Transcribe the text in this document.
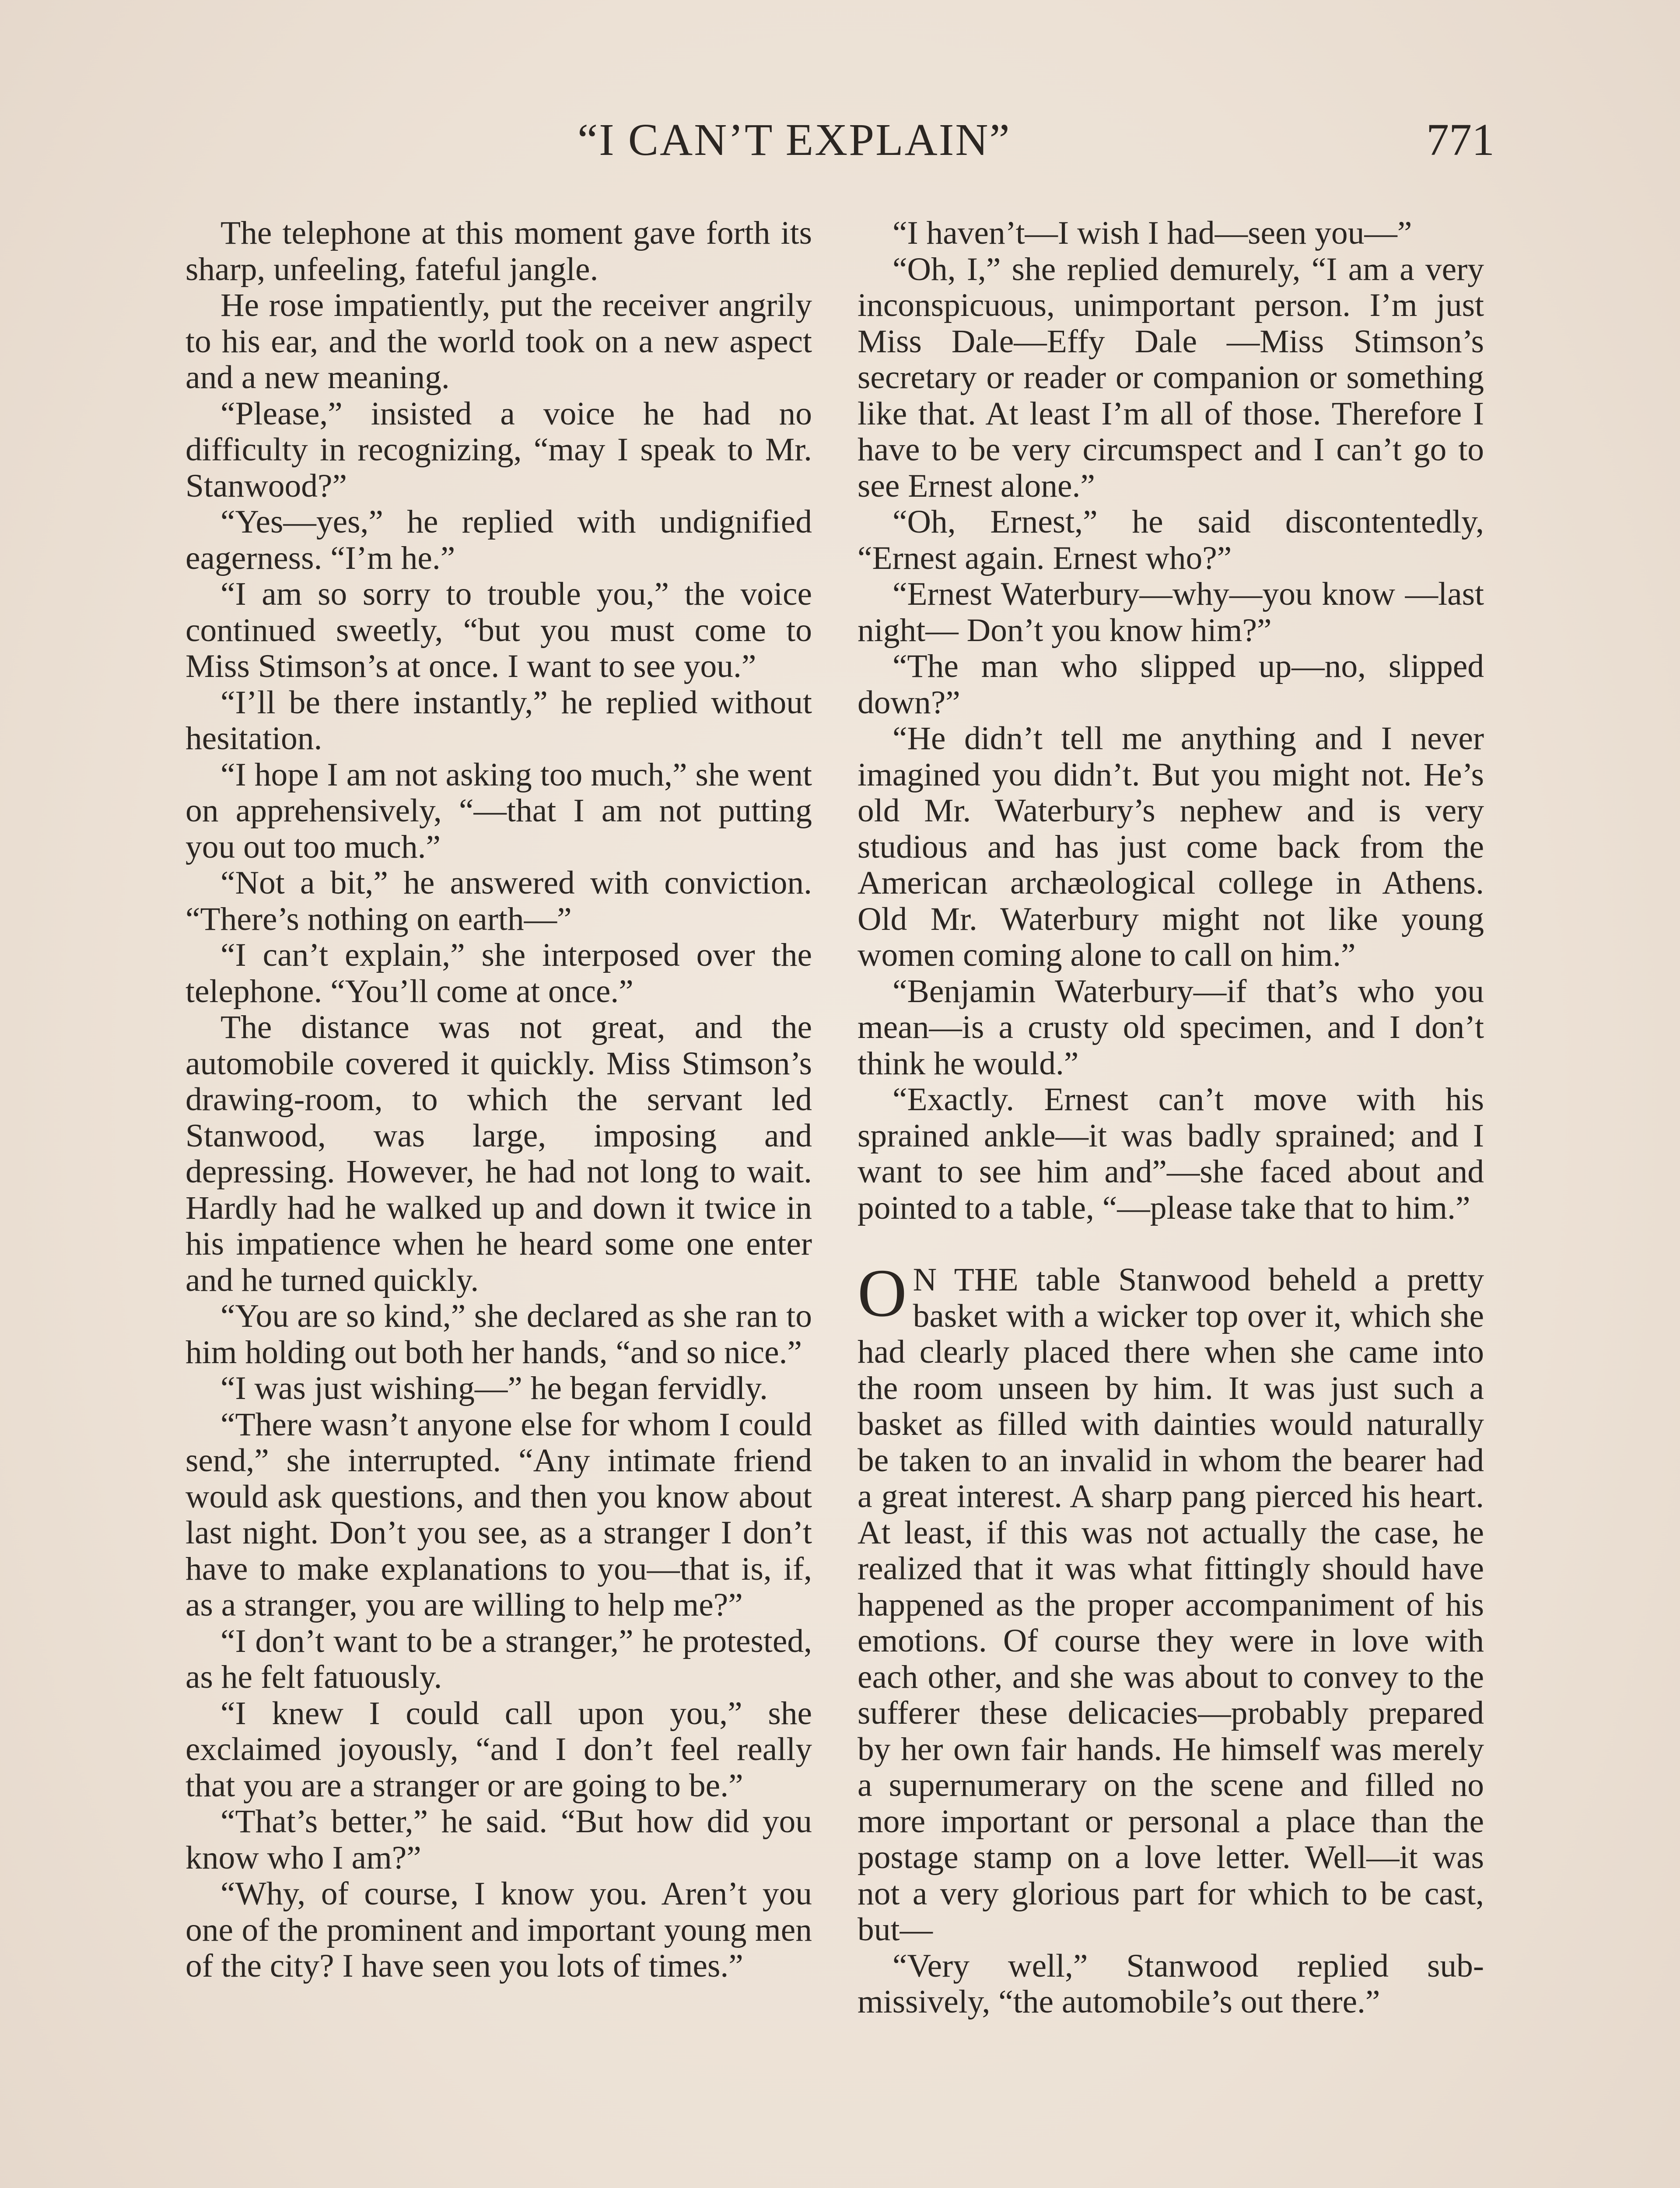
“I CAN’T EXPLAIN”	771

The telephone at this moment gave forth its sharp, unfeeling, fateful jangle.

He rose impatiently, put the receiver angrily to his ear, and the world took on a new aspect and a new meaning.

“Please,” insisted a voice he had no difficulty in recognizing, “may I speak to Mr. Stanwood?”

“Yes—yes,” he replied with undignified eagerness. “I’m he.”

“I am so sorry to trouble you,” the voice continued sweetly, “but you must come to Miss Stimson’s at once. I want to see you.”

“I’ll be there instantly,” he replied without hesitation.

“I hope I am not asking too much,” she went on apprehensively, “—that I am not putting you out too much.”

“Not a bit,” he answered with conviction. “There’s nothing on earth—”

“I can’t explain,” she interposed over the telephone. “You’ll come at once.”

The distance was not great, and the automobile covered it quickly. Miss Stimson’s drawing-room, to which the servant led Stanwood, was large, imposing and depressing. However, he had not long to wait. Hardly had he walked up and down it twice in his impatience when he heard some one enter and he turned quickly.

“You are so kind,” she declared as she ran to him holding out both her hands, “and so nice.”

“I was just wishing—” he began fervidly.

“There wasn’t anyone else for whom I could send,” she interrupted. “Any intimate friend would ask questions, and then you know about last night. Don’t you see, as a stranger I don’t have to make explanations to you—that is, if, as a stranger, you are willing to help me?”

“I don’t want to be a stranger,” he protested, as he felt fatuously.

“I knew I could call upon you,” she exclaimed joyously, “and I don’t feel really that you are a stranger or are going to be.”

“That’s better,” he said. “But how did you know who I am?”

“Why, of course, I know you. Aren’t you one of the prominent and important young men of the city? I have seen you lots of times.”

“I haven’t—I wish I had—seen you—”

“Oh, I,” she replied demurely, “I am a very inconspicuous, unimportant person. I’m just Miss Dale—Effy Dale —Miss Stimson’s secretary or reader or companion or something like that. At least I’m all of those. Therefore I have to be very circumspect and I can’t go to see Ernest alone.”

“Oh, Ernest,” he said discontentedly, “Ernest again. Ernest who?”

“Ernest Waterbury—why—you know —last night— Don’t you know him?”

“The man who slipped up—no, slipped down?”

“He didn’t tell me anything and I never imagined you didn’t. But you might not. He’s old Mr. Waterbury’s nephew and is very studious and has just come back from the American archæological college in Athens. Old Mr. Waterbury might not like young women coming alone to call on him.”

“Benjamin Waterbury—if that’s who you mean—is a crusty old specimen, and I don’t think he would.”

“Exactly. Ernest can’t move with his sprained ankle—it was badly sprained; and I want to see him and”—she faced about and pointed to a table, “—please take that to him.”

O N THE table Stanwood beheld a pretty basket with a wicker top over it, which she had clearly placed there when she came into the room unseen by him. It was just such a basket as filled with dainties would naturally be taken to an invalid in whom the bearer had a great interest. A sharp pang pierced his heart. At least, if this was not actually the case, he realized that it was what fittingly should have happened as the proper accompaniment of his emotions. Of course they were in love with each other, and she was about to convey to the sufferer these delicacies—probably prepared by her own fair hands. He himself was merely a supernumerary on the scene and filled no more important or personal a place than the postage stamp on a love letter. Well—it was not a very glorious part for which to be cast, but—

“Very well,” Stanwood replied submissively, “the automobile’s out there.”
